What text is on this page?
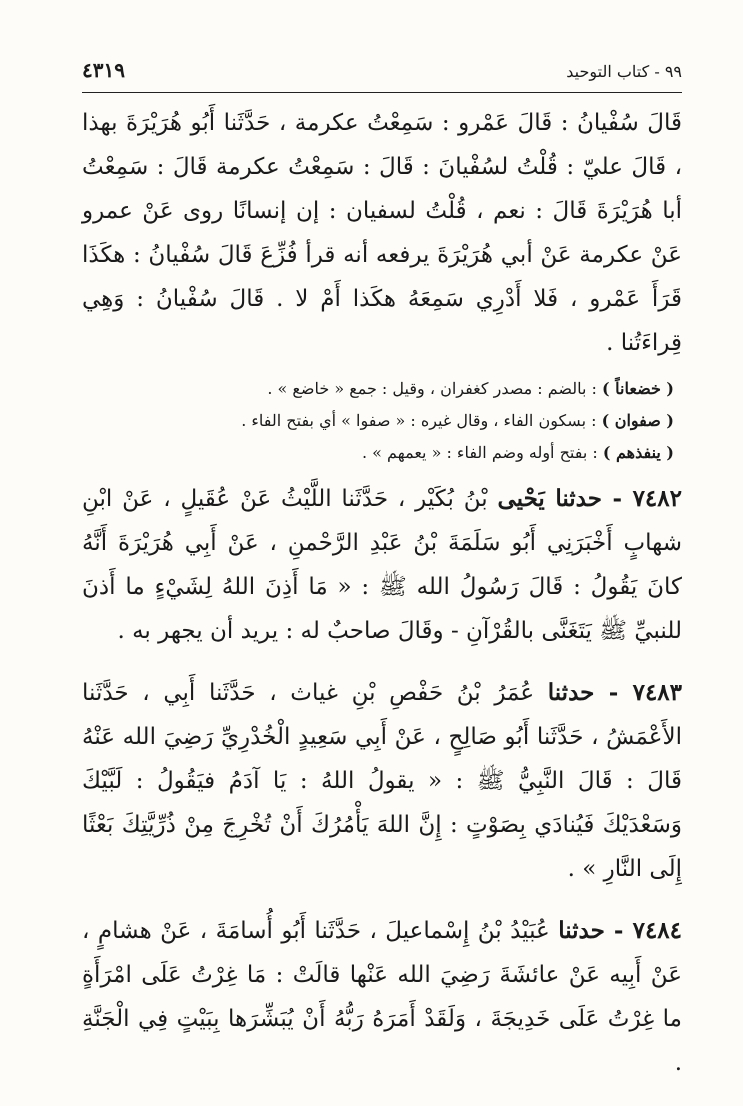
٩٩ - كتاب التوحيد
٤٣١٩
قَالَ سُفْيانُ : قَالَ عَمْرو : سَمِعْتُ عكرمة ، حَدَّثَنا أَبُو هُرَيْرَةَ بهذا ، قَالَ عليّ : قُلْتُ لسُفْيانَ : قَالَ : سَمِعْتُ عكرمة قَالَ : سَمِعْتُ أبا هُرَيْرَةَ قَالَ : نعم ، قُلْتُ لسفيان : إن إنسانًا روى عَنْ عمرو عَنْ عكرمة عَنْ أبي هُرَيْرَةَ يرفعه أنه قرأ فُزِّعَ قَالَ سُفْيانُ : هكَذَا قَرَأَ عَمْرو ، فَلا أَدْرِي سَمِعَهُ هكَذا أَمْ لا . قَالَ سُفْيانُ : وَهِي قِراءَتُنا .
( خضعاناً ) : بالضم : مصدر كغفران ، وقيل : جمع « خاضع » .
( صفوان ) : بسكون الفاء ، وقال غيره : « صفوا » أي بفتح الفاء .
( ينفذهم ) : بفتح أوله وضم الفاء : « يعمهم » .
٧٤٨٢ - حدثنا يَحْيى بْنُ بُكَيْر ، حَدَّثَنا اللَّيْثُ عَنْ عُقَيلٍ ، عَنْ ابْنِ شهابٍ أَخْبَرَنِي أَبُو سَلَمَةَ بْنُ عَبْدِ الرَّحْمنِ ، عَنْ أَبِي هُرَيْرَةَ أَنَّهُ كانَ يَقُولُ : قَالَ رَسُولُ الله ﷺ : « مَا أَذِنَ اللهُ لِشَيْءٍ ما أَذنَ للنبيِّ ﷺ يَتَغَنَّى بالقُرْآنِ - وقَالَ صاحبٌ له : يريد أن يجهر به .
٧٤٨٣ - حدثنا عُمَرُ بْنُ حَفْصِ بْنِ غياث ، حَدَّثَنا أَبِي ، حَدَّثَنا الأَعْمَشُ ، حَدَّثَنا أَبُو صَالِحٍ ، عَنْ أَبِي سَعِيدٍ الْخُدْرِيِّ رَضِيَ الله عَنْهُ قَالَ : قَالَ النَّبِيُّ ﷺ : « يقولُ اللهُ : يَا آدَمُ فيَقُولُ : لَبَّيْكَ وَسَعْدَيْكَ فَيُنادَي بِصَوْتٍ : إِنَّ اللهَ يَأْمُرُكَ أَنْ تُخْرِجَ مِنْ ذُرِّيَّتِكَ بَعْثًا إِلَى النَّارِ » .
٧٤٨٤ - حدثنا عُبَيْدُ بْنُ إِسْماعيلَ ، حَدَّثَنا أَبُو أُسامَةَ ، عَنْ هشامٍ ، عَنْ أَبِيه عَنْ عائشَةَ رَضِيَ الله عَنْها قالَتْ : مَا غِرْتُ عَلَى امْرَأَةٍ ما غِرْتُ عَلَى خَدِيجَةَ ، وَلَقَدْ أَمَرَهُ رَبُّهُ أَنْ يُبَشِّرَها بِبَيْتٍ فِي الْجَنَّةِ .
